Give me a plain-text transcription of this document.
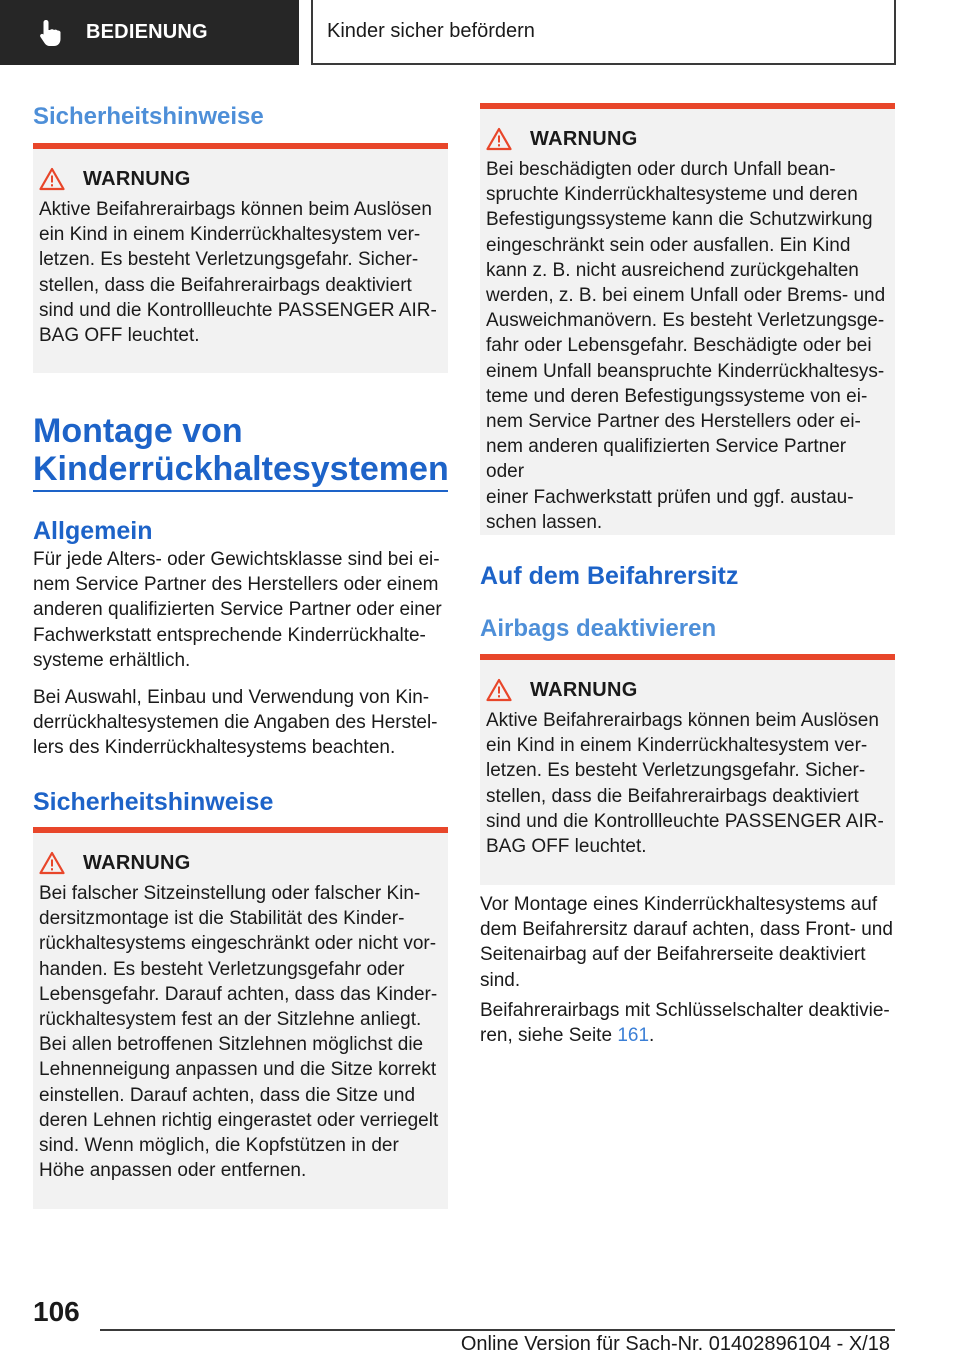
BEDIENUNG	Kinder sicher befördern
Sicherheitshinweise
WARNUNG
Aktive Beifahrerairbags können beim Auslösen
ein Kind in einem Kinderrückhaltesystem ver-
letzen. Es besteht Verletzungsgefahr. Sicher-
stellen, dass die Beifahrerairbags deaktiviert
sind und die Kontrollleuchte PASSENGER AIR-
BAG OFF leuchtet.
Montage von
Kinderrückhaltesystemen
Allgemein
Für jede Alters- oder Gewichtsklasse sind bei ei-
nem Service Partner des Herstellers oder einem
anderen qualifizierten Service Partner oder einer
Fachwerkstatt entsprechende Kinderrückhalte-
systeme erhältlich.
Bei Auswahl, Einbau und Verwendung von Kin-
derrückhaltesystemen die Angaben des Herstel-
lers des Kinderrückhaltesystems beachten.
Sicherheitshinweise
WARNUNG
Bei falscher Sitzeinstellung oder falscher Kin-
dersitzmontage ist die Stabilität des Kinder-
rückhaltesystems eingeschränkt oder nicht vor-
handen. Es besteht Verletzungsgefahr oder
Lebensgefahr. Darauf achten, dass das Kinder-
rückhaltesystem fest an der Sitzlehne anliegt.
Bei allen betroffenen Sitzlehnen möglichst die
Lehnenneigung anpassen und die Sitze korrekt
einstellen. Darauf achten, dass die Sitze und
deren Lehnen richtig eingerastet oder verriegelt
sind. Wenn möglich, die Kopfstützen in der
Höhe anpassen oder entfernen.
WARNUNG
Bei beschädigten oder durch Unfall bean-
spruchte Kinderrückhaltesysteme und deren
Befestigungssysteme kann die Schutzwirkung
eingeschränkt sein oder ausfallen. Ein Kind
kann z. B. nicht ausreichend zurückgehalten
werden, z. B. bei einem Unfall oder Brems- und
Ausweichmanövern. Es besteht Verletzungsge-
fahr oder Lebensgefahr. Beschädigte oder bei
einem Unfall beanspruchte Kinderrückhaltesys-
teme und deren Befestigungssysteme von ei-
nem Service Partner des Herstellers oder ei-
nem anderen qualifizierten Service Partner oder
einer Fachwerkstatt prüfen und ggf. austau-
schen lassen.
Auf dem Beifahrersitz
Airbags deaktivieren
WARNUNG
Aktive Beifahrerairbags können beim Auslösen
ein Kind in einem Kinderrückhaltesystem ver-
letzen. Es besteht Verletzungsgefahr. Sicher-
stellen, dass die Beifahrerairbags deaktiviert
sind und die Kontrollleuchte PASSENGER AIR-
BAG OFF leuchtet.
Vor Montage eines Kinderrückhaltesystems auf
dem Beifahrersitz darauf achten, dass Front- und
Seitenairbag auf der Beifahrerseite deaktiviert
sind.
Beifahrerairbags mit Schlüsselschalter deaktivie-
ren, siehe Seite 161.
106
Online Version für Sach-Nr. 01402896104 - X/18
